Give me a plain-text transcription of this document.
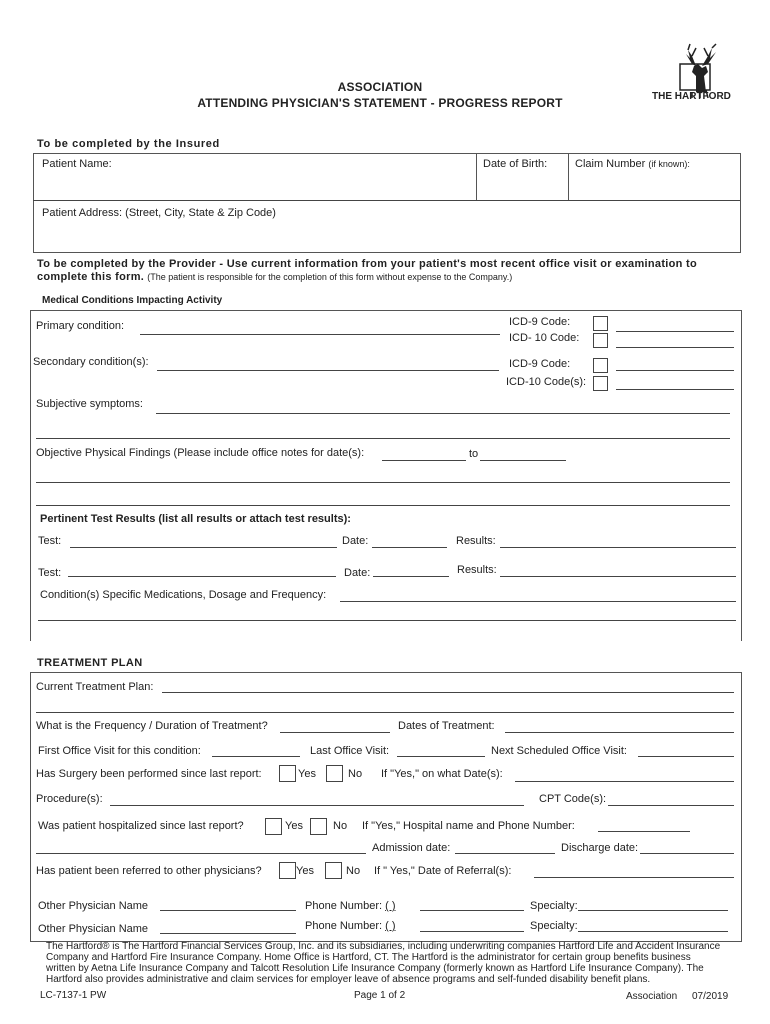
ASSOCIATION
ATTENDING PHYSICIAN'S STATEMENT - PROGRESS REPORT	THE HARTFORD
To be completed by the Insured
Patient Name:	Date of Birth:	Claim Number (if known):
Patient Address: (Street, City, State & Zip Code)
To be completed by the Provider - Use current information from your patient's most recent office visit or examination to
complete this form. (The patient is responsible for the completion of this form without expense to the Company.)
Medical Conditions Impacting Activity
Primary condition:	ICD-9 Code:
ICD- 10 Code:
Secondary condition(s):	ICD-9 Code:
ICD-10 Code(s):
Subjective symptoms:
Objective Physical Findings (Please include office notes for date(s):	to
Pertinent Test Results (list all results or attach test results):
Test:	Date:	Results:
Test:	Date:	Results:
Condition(s) Specific Medications, Dosage and Frequency:
TREATMENT PLAN
Current Treatment Plan:
What is the Frequency / Duration of Treatment?	Dates of Treatment:
First Office Visit for this condition:	Last Office Visit:	Next Scheduled Office Visit:
Has Surgery been performed since last report:	Yes	No If "Yes," on what Date(s):
Procedure(s):	CPT Code(s):
Was patient hospitalized since last report?	Yes	No If "Yes," Hospital name and Phone Number:
Admission date:	Discharge date:
Has patient been referred to other physicians?	Yes	No If " Yes," Date of Referral(s):
Other Physician Name	Phone Number: ( )	Specialty:
Other Physician Name	Phone Number: ( )	Specialty:
The Hartford® is The Hartford Financial Services Group, Inc. and its subsidiaries, including underwriting companies Hartford Life and Accident Insurance
Company and Hartford Fire Insurance Company. Home Office is Hartford, CT. The Hartford is the administrator for certain group benefits business
written by Aetna Life Insurance Company and Talcott Resolution Life Insurance Company (formerly known as Hartford Life Insurance Company). The
Hartford also provides administrative and claim services for employer leave of absence programs and self-funded disability benefit plans.
LC-7137-1 PW	Page 1 of 2	Association 07/2019
